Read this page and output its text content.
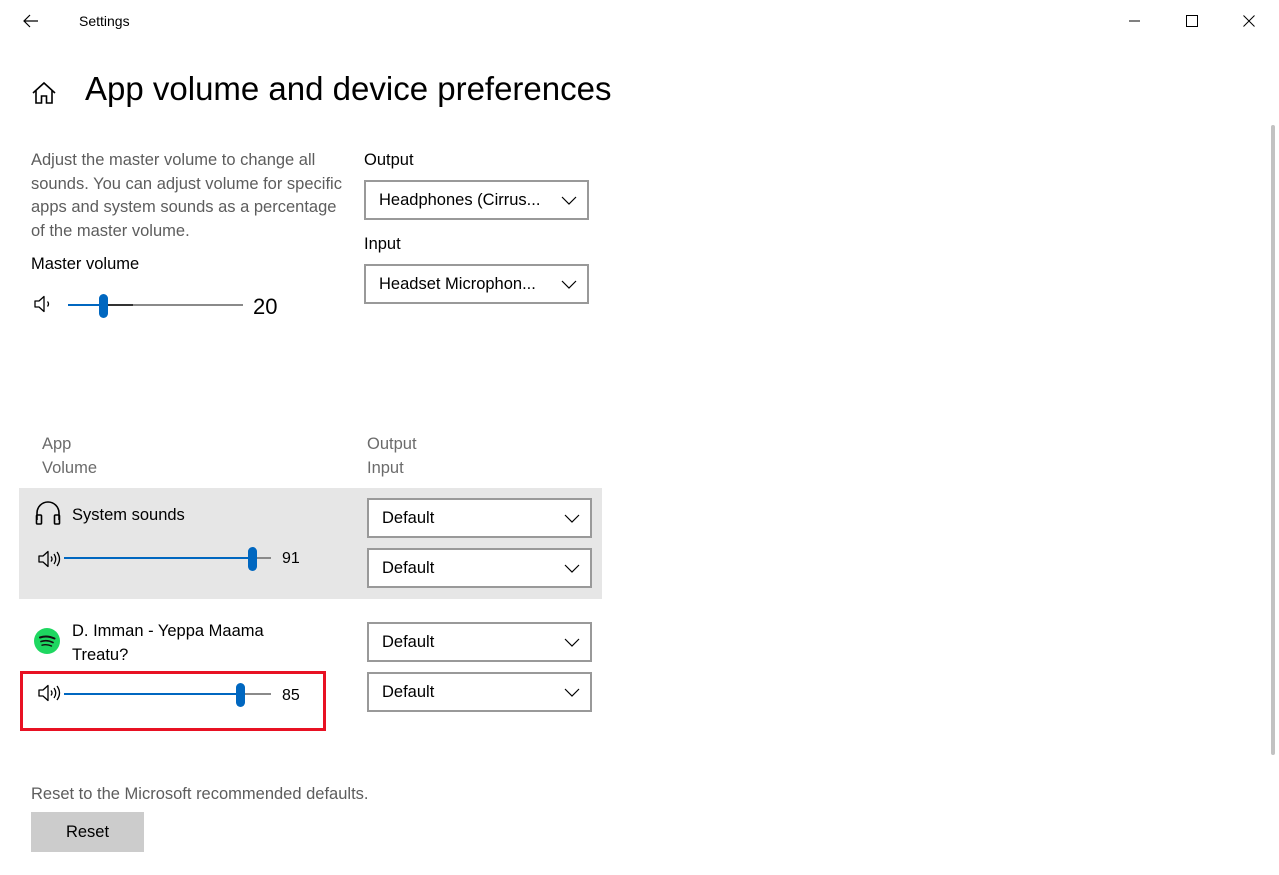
Settings
App volume and device preferences

Adjust the master volume to change all sounds. You can adjust volume for specific apps and system sounds as a percentage of the master volume.

Master volume
20
Output
Headphones (Cirrus...
Input
Headset Microphon...
App
Volume
Output
Input
System sounds
91
Default
Default
D. Imman - Yeppa Maama
Treatu?
85
Default
Default
Reset to the Microsoft recommended defaults.
Reset
